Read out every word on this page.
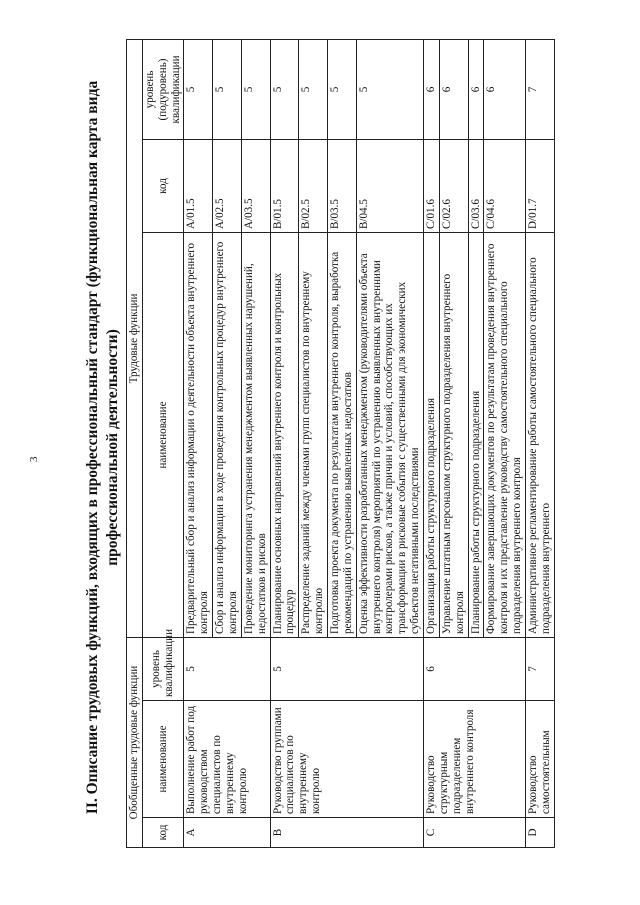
3	II. Описание трудовых функций, входящих в профессиональный стандарт (функциональная карта вида профессиональной деятельности)
Обобщенные трудовые функции			Трудовые функции		
код	наименование	уровень квалификации	наименование	код	уровень (подуровень) квалификации
A	Выполнение работ под руководством специалистов по внутреннему контролю	5	Предварительный сбор и анализ информации о деятельности объекта внутреннего контроля	A/01.5	5
			Сбор и анализ информации в ходе проведения контрольных процедур внутреннего контроля	A/02.5	5
			Проведение мониторинга устранения менеджментом выявленных нарушений, недостатков и рисков	A/03.5	5
B	Руководство группами специалистов по внутреннему контролю	5	Планирование основных направлений внутреннего контроля и контрольных процедур	B/01.5	5
			Распределение заданий между членами групп специалистов по внутреннему контролю	B/02.5	5
			Подготовка проекта документа по результатам внутреннего контроля, выработка рекомендаций по устранению выявленных недостатков	B/03.5	5
			Оценка эффективности разработанных менеджментом (руководителями объекта внутреннего контроля) мероприятий по устранению выявленных внутренними контролерами рисков, а также причин и условий, способствующих их трансформации в рисковые события с существенными для экономических субъектов негативными последствиями	B/04.5	5
C	Руководство структурным подразделением внутреннего контроля	6	Организация работы структурного подразделения	C/01.6	6
			Управление штатным персоналом структурного подразделения внутреннего контроля	C/02.6	6
			Планирование работы структурного подразделения	C/03.6	6
			Формирование завершающих документов по результатам проведения внутреннего контроля и их представление руководству самостоятельного специального подразделения внутреннего контроля	C/04.6	6
D	Руководство самостоятельным	7	Административное регламентирование работы самостоятельного специального подразделения внутреннего	D/01.7	7
